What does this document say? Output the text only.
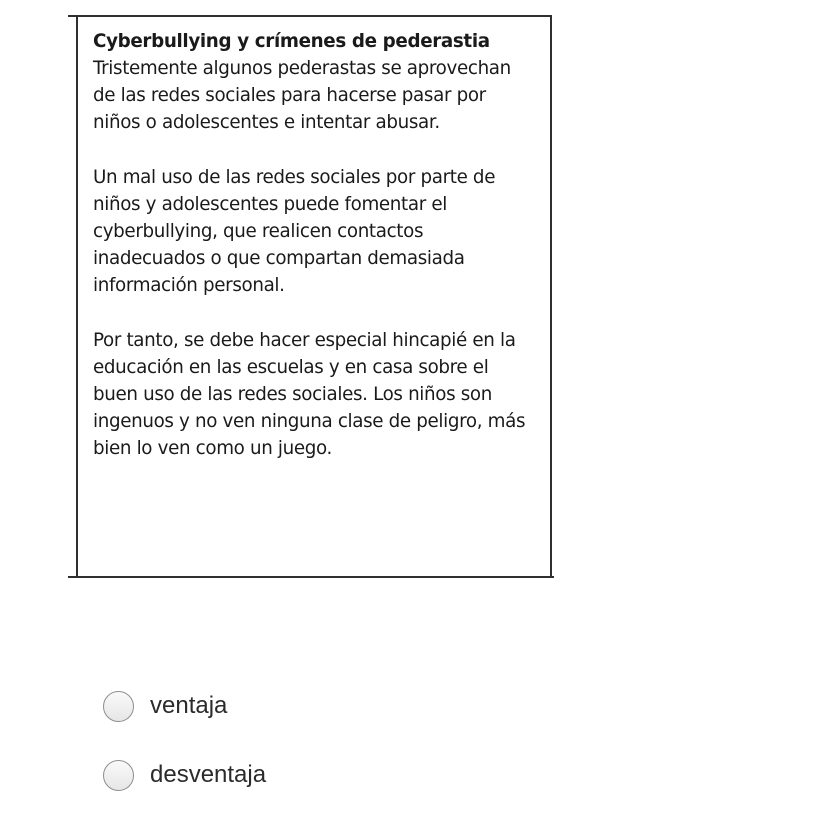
Cyberbullying y crímenes de pederastia
Tristemente algunos pederastas se aprovechan de las redes sociales para hacerse pasar por niños o adolescentes e intentar abusar.
Un mal uso de las redes sociales por parte de niños y adolescentes puede fomentar el cyberbullying, que realicen contactos inadecuados o que compartan demasiada información personal.
Por tanto, se debe hacer especial hincapié en la educación en las escuelas y en casa sobre el buen uso de las redes sociales. Los niños son ingenuos y no ven ninguna clase de peligro, más bien lo ven como un juego.
ventaja
desventaja
